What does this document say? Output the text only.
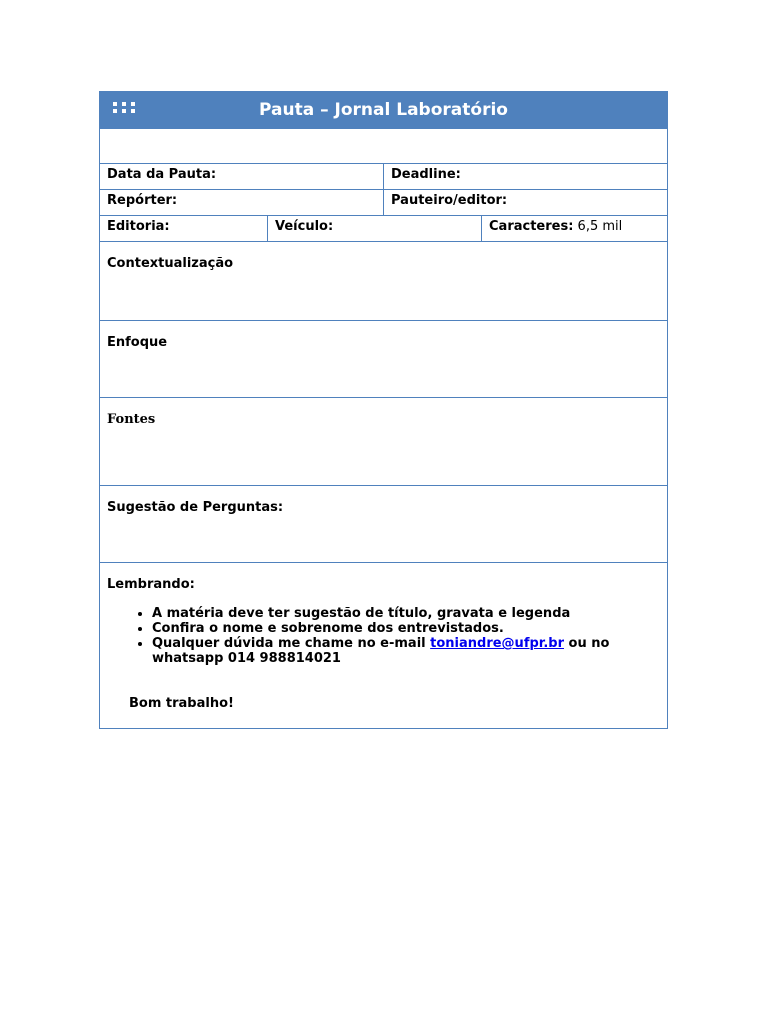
Pauta – Jornal Laboratório
Data da Pauta:	Deadline:
Repórter:	Pauteiro/editor:
Editoria:	Veículo:	Caracteres: 6,5 mil
Contextualização
Enfoque
Fontes
Sugestão de Perguntas:
Lembrando:
• A matéria deve ter sugestão de título, gravata e legenda
• Confira o nome e sobrenome dos entrevistados.
• Qualquer dúvida me chame no e-mail toniandre@ufpr.br ou no whatsapp 014 988814021
Bom trabalho!
